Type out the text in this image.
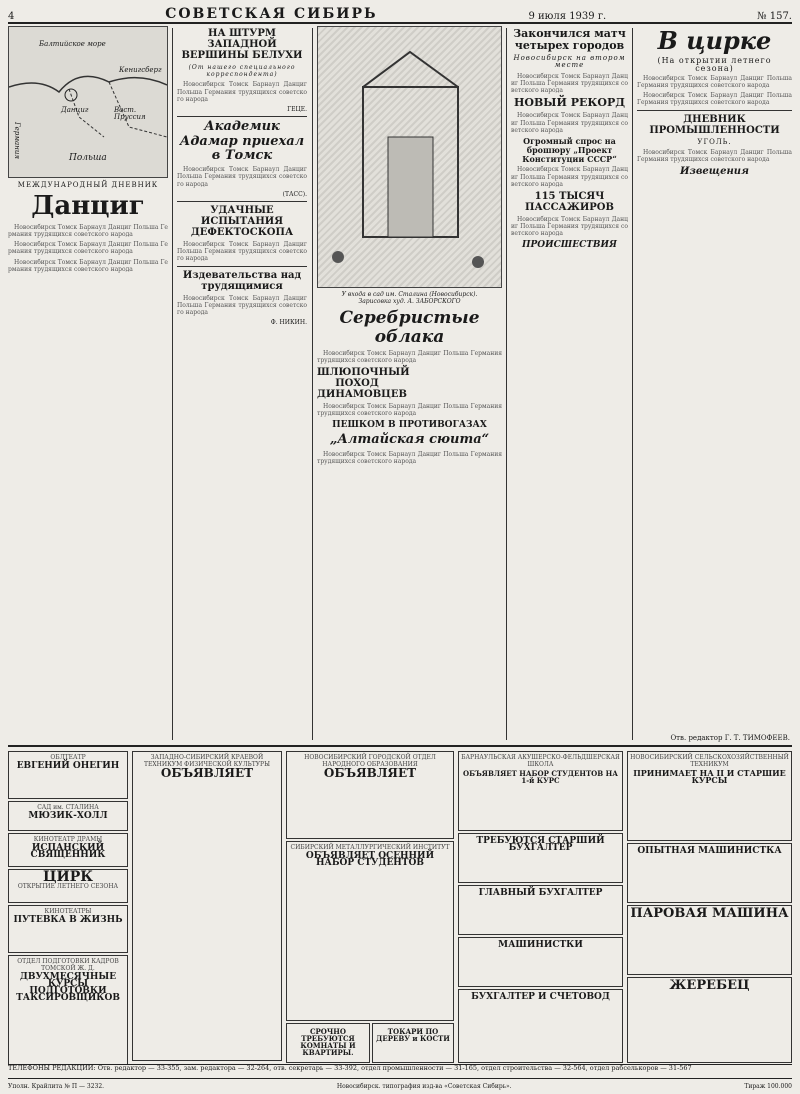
4	СОВЕТСКАЯ СИБИРЬ	9 июля 1939 г.	№ 157.
Балтийское море
Данциг
Кенигсберг
Германия
Вост. Пруссия
Польша
МЕЖДУНАРОДНЫЙ ДНЕВНИК
Данциг
Новосибирск Томск Барнаул Данциг Польша Германия трудящихся советского народа
Новосибирск Томск Барнаул Данциг Польша Германия трудящихся советского народа
Новосибирск Томск Барнаул Данциг Польша Германия трудящихся советского народа
НА ШТУРМ ЗАПАДНОЙ ВЕРШИНЫ БЕЛУХИ
(От нашего специального корреспондента)
Новосибирск Томск Барнаул Данциг Польша Германия трудящихся советского народа
ГЕЦЕ.
Академик Адамар приехал в Томск
Новосибирск Томск Барнаул Данциг Польша Германия трудящихся советского народа
(ТАСС).
УДАЧНЫЕ ИСПЫТАНИЯ ДЕФЕКТОСКОПА
Новосибирск Томск Барнаул Данциг Польша Германия трудящихся советского народа
Издевательства над трудящимися
Новосибирск Томск Барнаул Данциг Польша Германия трудящихся советского народа
Ф. НИКИН.
У входа в сад им. Сталина (Новосибирск).
Зарисовка худ. А. ЗАБОРСКОГО
Серебристые облака
Новосибирск Томск Барнаул Данциг Польша Германия трудящихся советского народа
ШЛЮПОЧНЫЙ ПОХОД ДИНАМОВЦЕВ
Новосибирск Томск Барнаул Данциг Польша Германия трудящихся советского народа
ПЕШКОМ В ПРОТИВОГАЗАХ
„Алтайская сюита“
Новосибирск Томск Барнаул Данциг Польша Германия трудящихся советского народа
Закончился матч четырех городов
Новосибирск на втором месте
Новосибирск Томск Барнаул Данциг Польша Германия трудящихся советского народа
НОВЫЙ РЕКОРД
Новосибирск Томск Барнаул Данциг Польша Германия трудящихся советского народа
Огромный спрос на брошюру „Проект Конституции СССР“
Новосибирск Томск Барнаул Данциг Польша Германия трудящихся советского народа
115 ТЫСЯЧ ПАССАЖИРОВ
Новосибирск Томск Барнаул Данциг Польша Германия трудящихся советского народа
ПРОИСШЕСТВИЯ
В цирке
(На открытии летнего сезона)
Новосибирск Томск Барнаул Данциг Польша Германия трудящихся советского народа
Новосибирск Томск Барнаул Данциг Польша Германия трудящихся советского народа
ДНЕВНИК ПРОМЫШЛЕННОСТИ
УГОЛЬ.
Новосибирск Томск Барнаул Данциг Польша Германия трудящихся советского народа
Извещения
Отв. редактор Г. Т. ТИМОФЕЕВ.
ОБЛТЕАТР
ЕВГЕНИЙ ОНЕГИН
САД им. СТАЛИНА
МЮЗИК-ХОЛЛ
КИНОТЕАТР ДРАМЫ
ИСПАНСКИЙ СВЯЩЕННИК
ЦИРК
ОТКРЫТИЕ ЛЕТНЕГО СЕЗОНА
КИНОТЕАТРЫ
ПУТЕВКА В ЖИЗНЬ
ОТДЕЛ ПОДГОТОВКИ КАДРОВ ТОМСКОЙ Ж. Д.
ДВУХМЕСЯЧНЫЕ КУРСЫ ПОДГОТОВКИ ТАКСИРОВЩИКОВ
ЗАПАДНО-СИБИРСКИЙ КРАЕВОЙ ТЕХНИКУМ ФИЗИЧЕСКОЙ КУЛЬТУРЫ
ОБЪЯВЛЯЕТ
НОВОСИБИРСКИЙ ГОРОДСКОЙ ОТДЕЛ НАРОДНОГО ОБРАЗОВАНИЯ
ОБЪЯВЛЯЕТ
СИБИРСКИЙ МЕТАЛЛУРГИЧЕСКИЙ ИНСТИТУТ
ОБЪЯВЛЯЕТ ОСЕННИЙ НАБОР СТУДЕНТОВ
СРОЧНО ТРЕБУЮТСЯ КОМНАТЫ И КВАРТИРЫ.
ТОКАРИ ПО ДЕРЕВУ и КОСТИ
БАРНАУЛЬСКАЯ АКУШЕРСКО-ФЕЛЬДШЕРСКАЯ ШКОЛА
ОБЪЯВЛЯЕТ НАБОР СТУДЕНТОВ НА 1-й КУРС
ТРЕБУЮТСЯ СТАРШИЙ БУХГАЛТЕР
ГЛАВНЫЙ БУХГАЛТЕР
МАШИНИСТКИ
БУХГАЛТЕР И СЧЕТОВОД
НОВОСИБИРСКИЙ СЕЛЬСКОХОЗЯЙСТВЕННЫЙ ТЕХНИКУМ
ПРИНИМАЕТ НА II И СТАРШИЕ КУРСЫ
ОПЫТНАЯ МАШИНИСТКА
ПАРОВАЯ МАШИНА
ЖЕРЕБЕЦ
ТЕЛЕФОНЫ РЕДАКЦИИ: Отв. редактор — 33-355, зам. редактора — 32-264, отв. секретарь — 33-392, отдел промышленности — 31-165, отдел строительства — 32-564, отдел рабселькоров — 31-567
Уполн. Крайлита № П — 3232.	Новосибирск. типография изд-ва «Советская Сибирь».	Тираж 100.000
